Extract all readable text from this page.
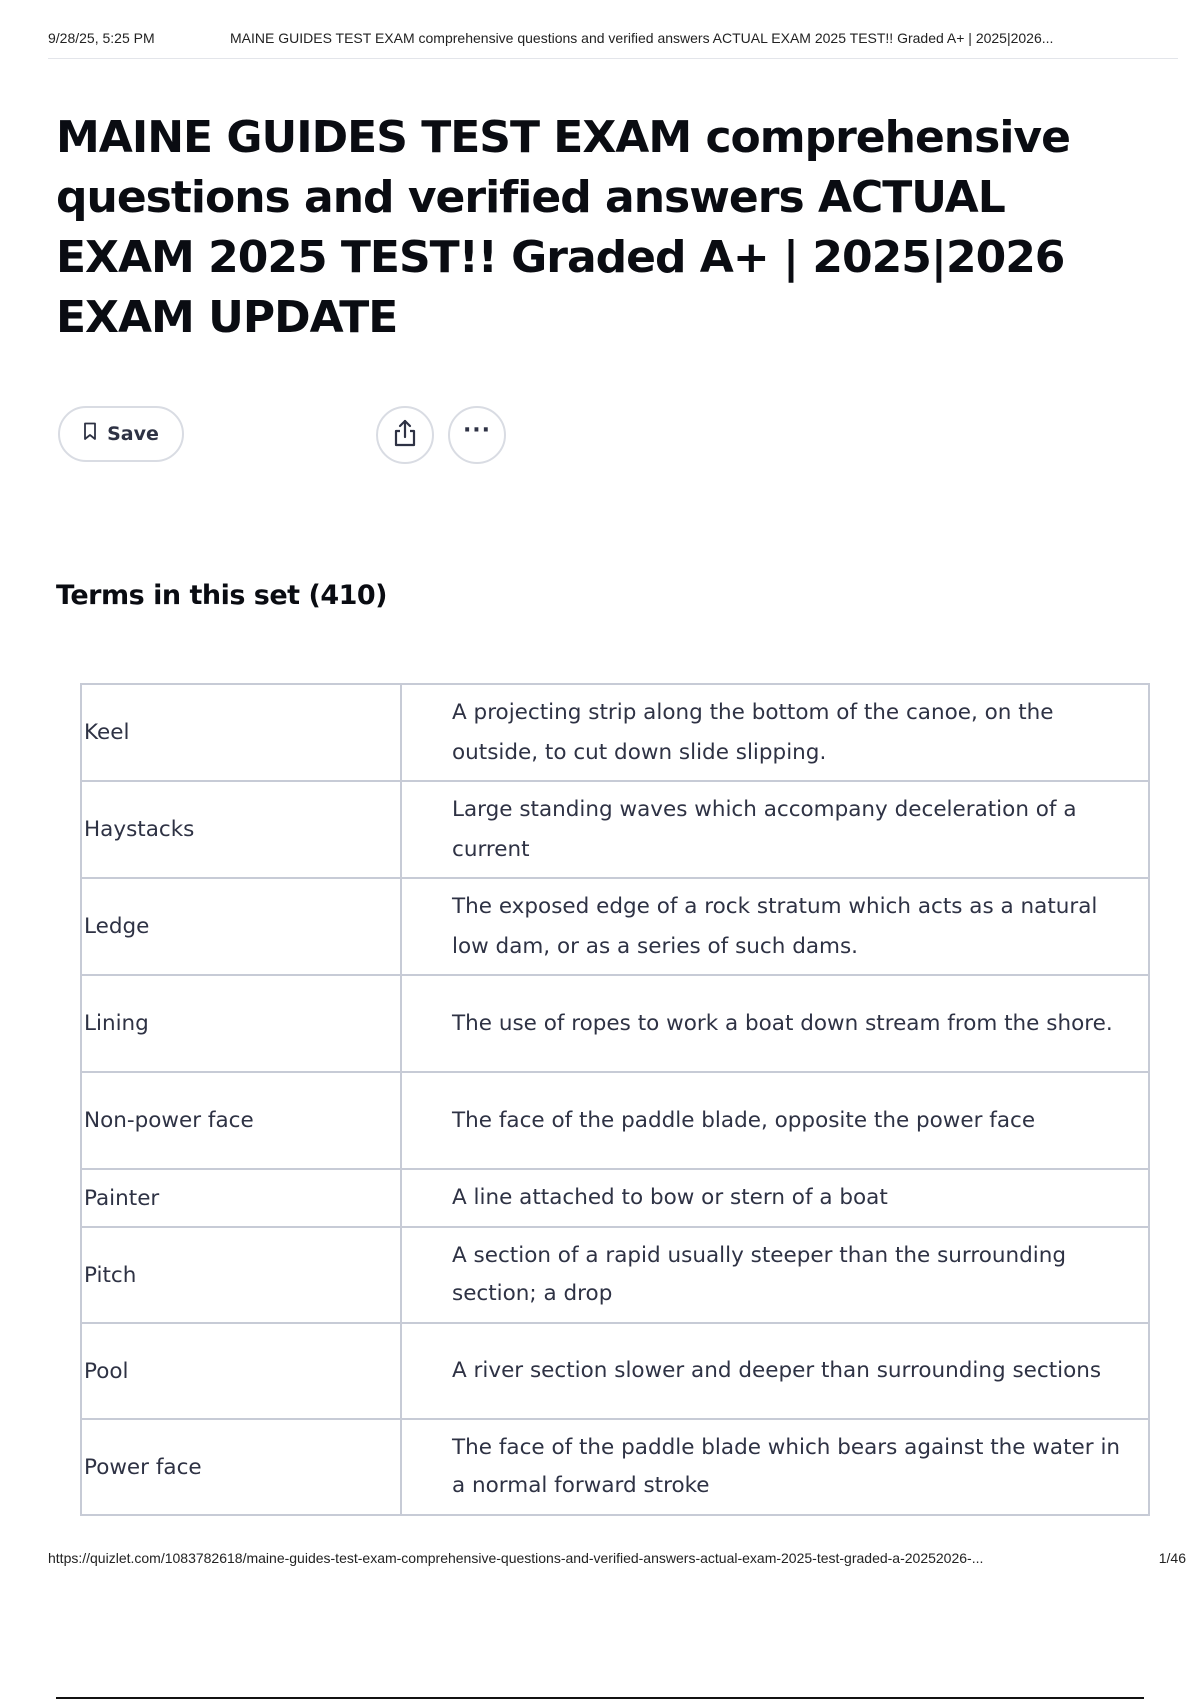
9/28/25, 5:25 PM	MAINE GUIDES TEST EXAM comprehensive questions and verified answers ACTUAL EXAM 2025 TEST!! Graded A+ | 2025|2026...
MAINE GUIDES TEST EXAM comprehensive questions and verified answers ACTUAL EXAM 2025 TEST!! Graded A+ | 2025|2026 EXAM UPDATE
Save	···
Terms in this set (410)
Keel	A projecting strip along the bottom of the canoe, on the outside, to cut down slide slipping.
Haystacks	Large standing waves which accompany deceleration of a current
Ledge	The exposed edge of a rock stratum which acts as a natural low dam, or as a series of such dams.
Lining	The use of ropes to work a boat down stream from the shore.
Non-power face	The face of the paddle blade, opposite the power face
Painter	A line attached to bow or stern of a boat
Pitch	A section of a rapid usually steeper than the surrounding section; a drop
Pool	A river section slower and deeper than surrounding sections
Power face	The face of the paddle blade which bears against the water in a normal forward stroke
https://quizlet.com/1083782618/maine-guides-test-exam-comprehensive-questions-and-verified-answers-actual-exam-2025-test-graded-a-20252026-...	1/46
